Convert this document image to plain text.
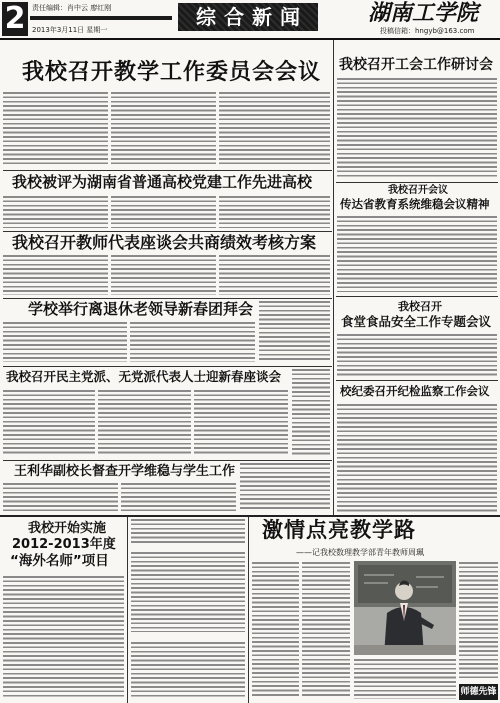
2 责任编辑：肖中云 廖红刚
2013年3月11日 星期一
综合新闻	湖南工学院
投稿信箱：hngyb@163.com
我校召开教学工作委员会会议 我校召开工会工作研讨会
我校被评为湖南省普通高校党建工作先进高校
我校召开教师代表座谈会共商绩效考核方案
我校召开会议
传达省教育系统维稳会议精神
学校举行离退休老领导新春团拜会	我校召开
食堂食品安全工作专题会议
我校召开民主党派、无党派代表人士迎新春座谈会
校纪委召开纪检监察工作会议
王利华副校长督查开学维稳与学生工作
我校开始实施
2012-2013年度
“海外名师”项目
激情点亮教学路
——记我校数理教学部青年教师周珮
师德先锋
